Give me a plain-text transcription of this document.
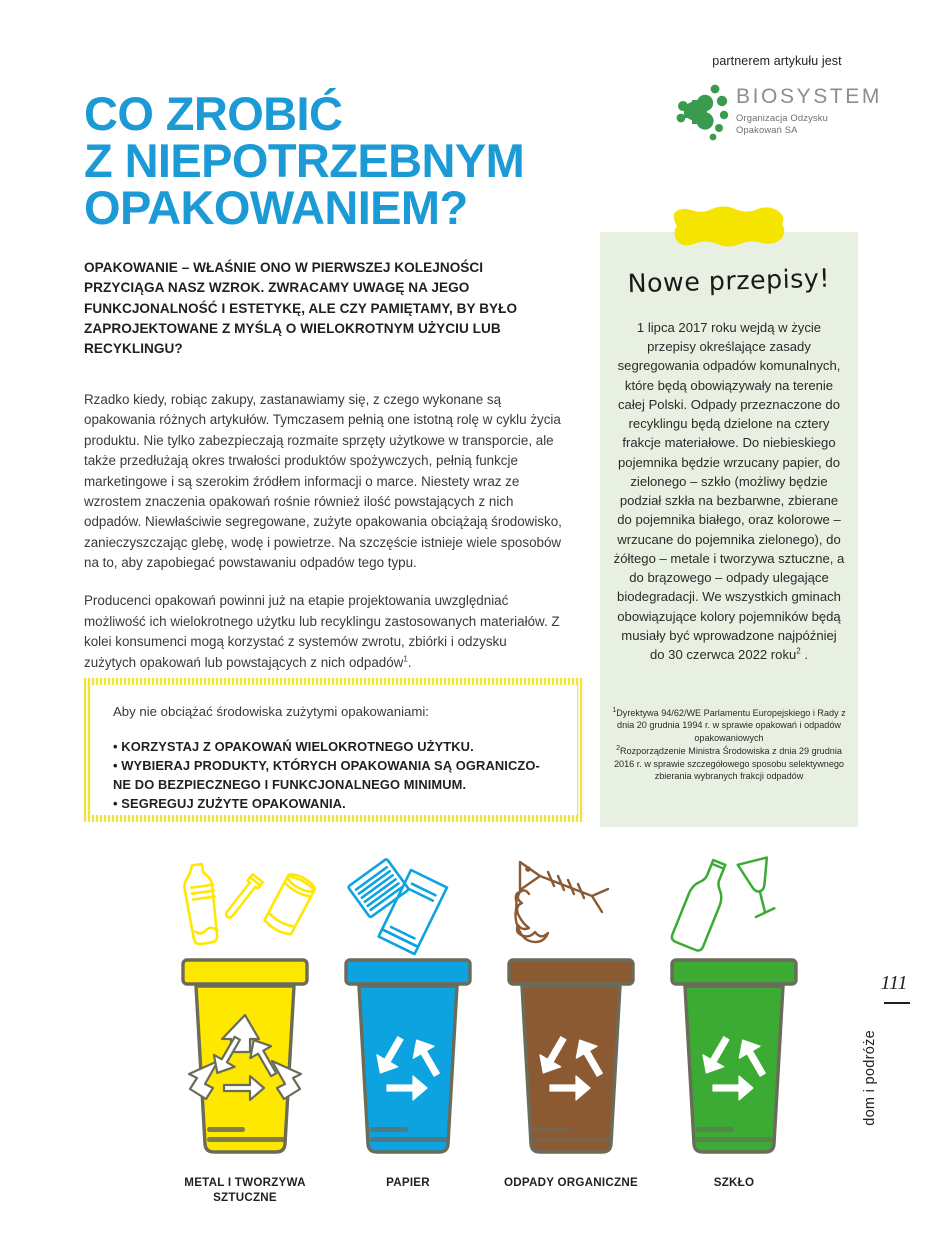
partnerem artykułu jest
BIOSYSTEM
Organizacja Odzysku
Opakowań SA
CO ZROBIĆ
Z NIEPOTRZEBNYM
OPAKOWANIEM?
OPAKOWANIE – WŁAŚNIE ONO W PIERWSZEJ KOLEJNOŚCI PRZYCIĄGA NASZ WZROK. ZWRACAMY UWAGĘ NA JEGO FUNKCJONALNOŚĆ I ESTETYKĘ, ALE CZY PAMIĘTAMY, BY BYŁO ZAPROJEKTOWANE Z MYŚLĄ O WIELOKROTNYM UŻYCIU LUB RECYKLINGU?

Rzadko kiedy, robiąc zakupy, zastanawiamy się, z czego wykonane są opakowania różnych artykułów. Tymczasem pełnią one istotną rolę w cyklu życia produktu. Nie tylko zabezpieczają rozmaite sprzęty użytkowe w transporcie, ale także przedłużają okres trwałości produktów spożywczych, pełnią funkcje marketingowe i są szerokim źródłem informacji o marce. Niestety wraz ze wzrostem znaczenia opakowań rośnie również ilość powstających z nich odpadów. Niewłaściwie segregowane, zużyte opakowania obciążają środowisko, zanieczyszczając glebę, wodę i powietrze. Na szczęście istnieje wiele sposobów na to, aby zapobiegać powstawaniu odpadów tego typu.

Producenci opakowań powinni już na etapie projektowania uwzględniać możliwość ich wielokrotnego użytku lub recyklingu zastosowanych materiałów. Z kolei konsumenci mogą korzystać z systemów zwrotu, zbiórki i odzysku zużytych opakowań lub powstających z nich odpadów$^1$.

Aby nie obciążać środowiska zużytymi opakowaniami:
• KORZYSTAJ Z OPAKOWAŃ WIELOKROTNEGO UŻYTKU.
• WYBIERAJ PRODUKTY, KTÓRYCH OPAKOWANIA SĄ OGRANICZO-
NE DO BEZPIECZNEGO I FUNKCJONALNEGO MINIMUM.
• SEGREGUJ ZUŻYTE OPAKOWANIA.
Nowe przepisy!
1 lipca 2017 roku wejdą w życie przepisy określające zasady segregowania odpadów komunalnych, które będą obowiązywały na terenie całej Polski. Odpady przeznaczone do recyklingu będą dzielone na cztery frakcje materiałowe. Do niebieskiego pojemnika będzie wrzucany papier, do zielonego – szkło (możliwy będzie podział szkła na bezbarwne, zbierane do pojemnika białego, oraz kolorowe – wrzucane do pojemnika zielonego), do żółtego – metale i tworzywa sztuczne, a do brązowego – odpady ulegające biodegradacji. We wszystkich gminach obowiązujące kolory pojemników będą musiały być wprowadzone najpóźniej do 30 czerwca 2022 roku$^2$ .
$^1$Dyrektywa 94/62/WE Parlamentu Europejskiego i Rady z dnia 20 grudnia 1994 r. w sprawie opakowań i odpadów opakowaniowych
$^2$Rozporządzenie Ministra Środowiska z dnia 29 grudnia 2016 r. w sprawie szczegółowego sposobu selektywnego zbierania wybranych frakcji odpadów
METAL I TWORZYWA SZTUCZNE
PAPIER	ODPADY ORGANICZNE	SZKŁO
111
dom i podróże
